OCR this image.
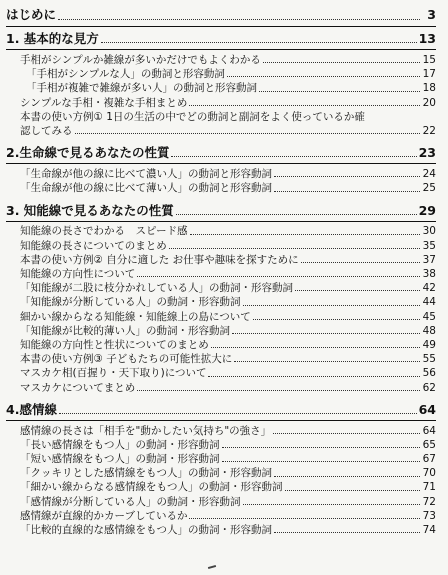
はじめに	3
1. 基本的な見方	13
手相がシンプルか雑線が多いかだけでもよくわかる	15
「手相がシンプルな人」の動詞と形容動詞	17
「手相が複雑で雑線が多い人」の動詞と形容動詞	18
シンプルな手相・複雑な手相まとめ	20
本書の使い方例① 1日の生活の中でどの動詞と副詞をよく使っているか確
認してみる	22
2.生命線で見るあなたの性質	23
「生命線が他の線に比べて濃い人」の動詞と形容動詞	24
「生命線が他の線に比べて薄い人」の動詞と形容動詞	25
3. 知能線で見るあなたの性質	29
知能線の長さでわかる　スピード感	30
知能線の長さについてのまとめ	35
本書の使い方例② 自分に適した お仕事や趣味を探すために	37
知能線の方向性について	38
「知能線が二股に枝分かれしている人」の動詞・形容動詞	42
「知能線が分断している人」の動詞・形容動詞	44
細かい線からなる知能線・知能線上の島について	45
「知能線が比較的薄い人」の動詞・形容動詞	48
知能線の方向性と性状についてのまとめ	49
本書の使い方例③ 子どもたちの可能性拡大に	55
マスカケ相(百握り・天下取り)について	56
マスカケについてまとめ	62
4.感情線	64
感情線の長さは「相手を"動かしたい気持ち"の強さ」	64
「長い感情線をもつ人」の動詞・形容動詞	65
「短い感情線をもつ人」の動詞・形容動詞	67
「クッキリとした感情線をもつ人」の動詞・形容動詞	70
「細かい線からなる感情線をもつ人」の動詞・形容動詞	71
「感情線が分断している人」の動詞・形容動詞	72
感情線が直線的かカーブしているか	73
「比較的直線的な感情線をもつ人」の動詞・形容動詞	74
